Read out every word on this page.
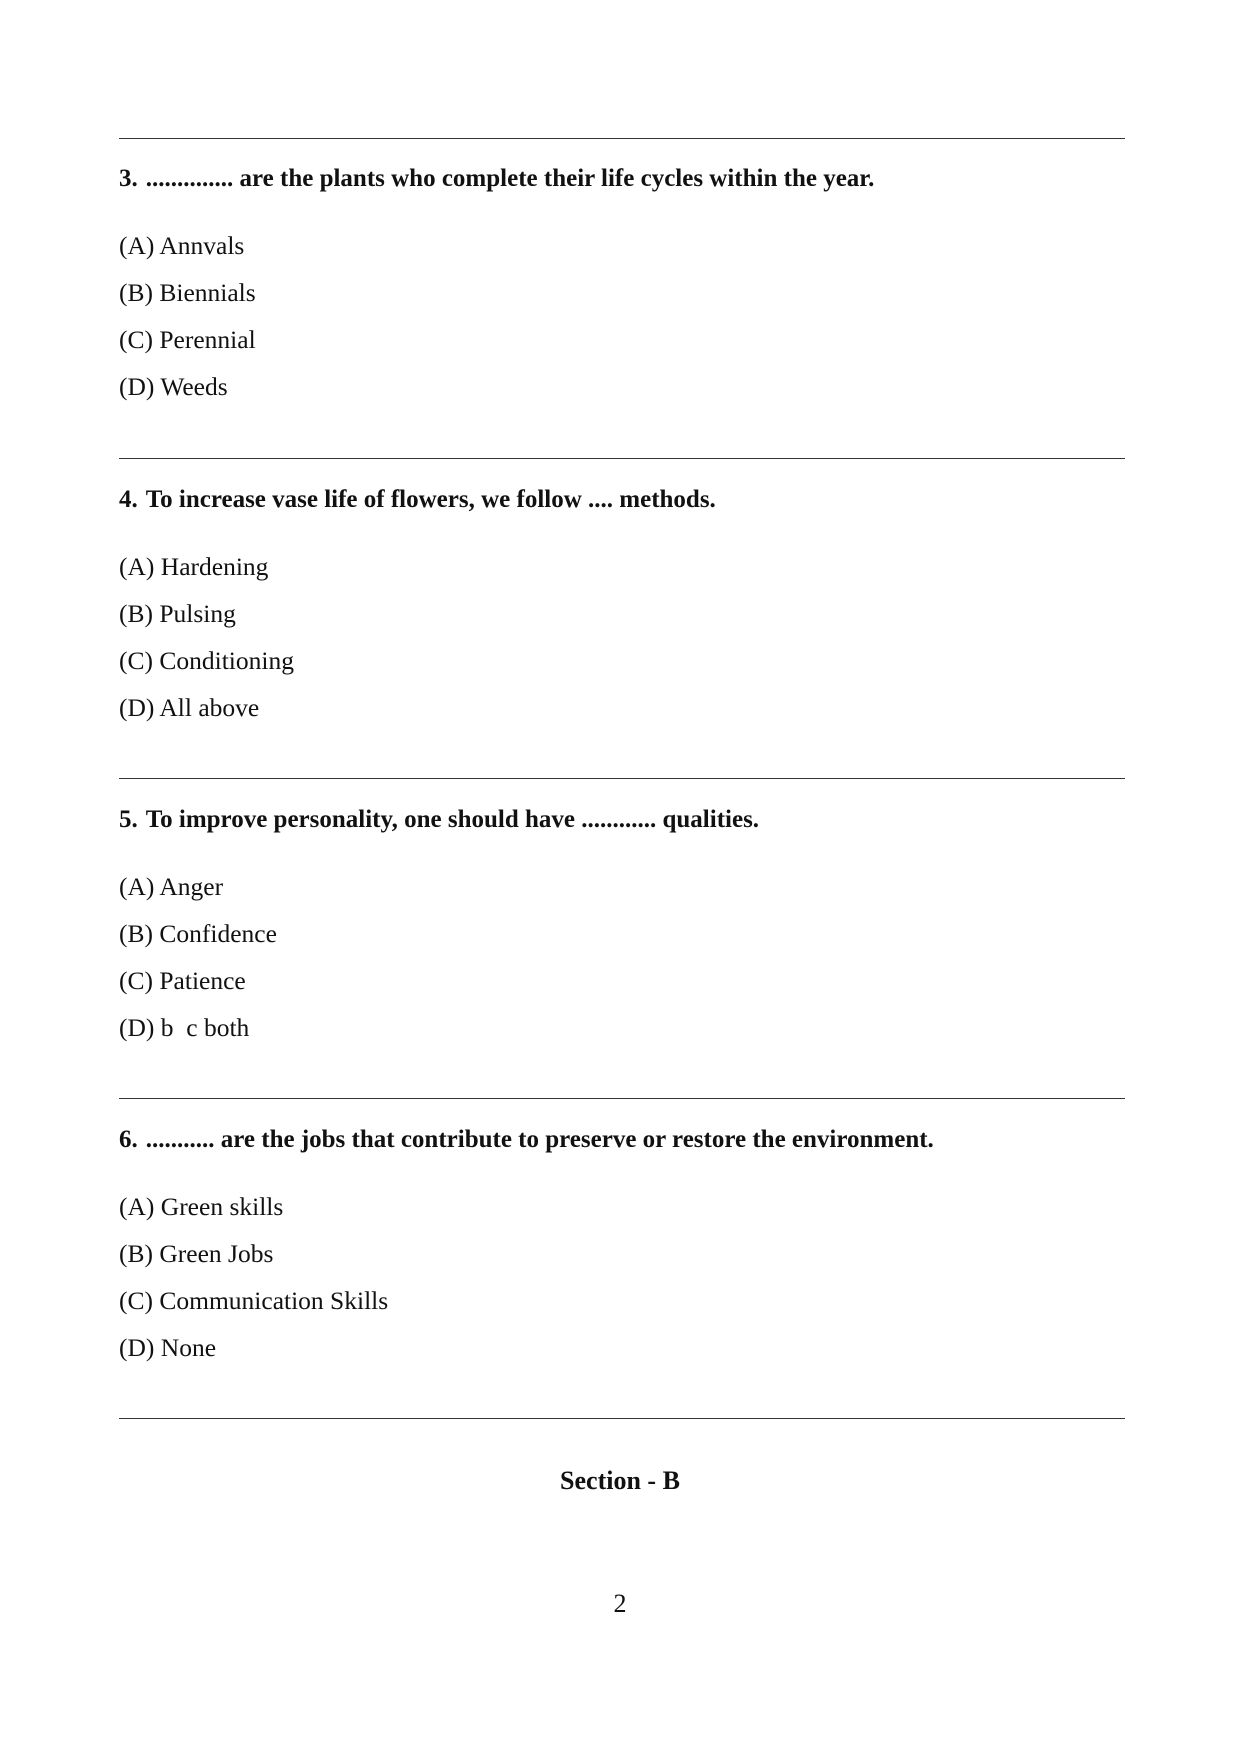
3. .............. are the plants who complete their life cycles within the year.

(A) Annvals
(B) Biennials
(C) Perennial
(D) Weeds

4. To increase vase life of flowers, we follow .... methods.

(A) Hardening
(B) Pulsing
(C) Conditioning
(D) All above

5. To improve personality, one should have ............ qualities.

(A) Anger
(B) Confidence
(C) Patience
(D) b  c both

6. ........... are the jobs that contribute to preserve or restore the environment.

(A) Green skills
(B) Green Jobs
(C) Communication Skills
(D) None
Section - B
2
